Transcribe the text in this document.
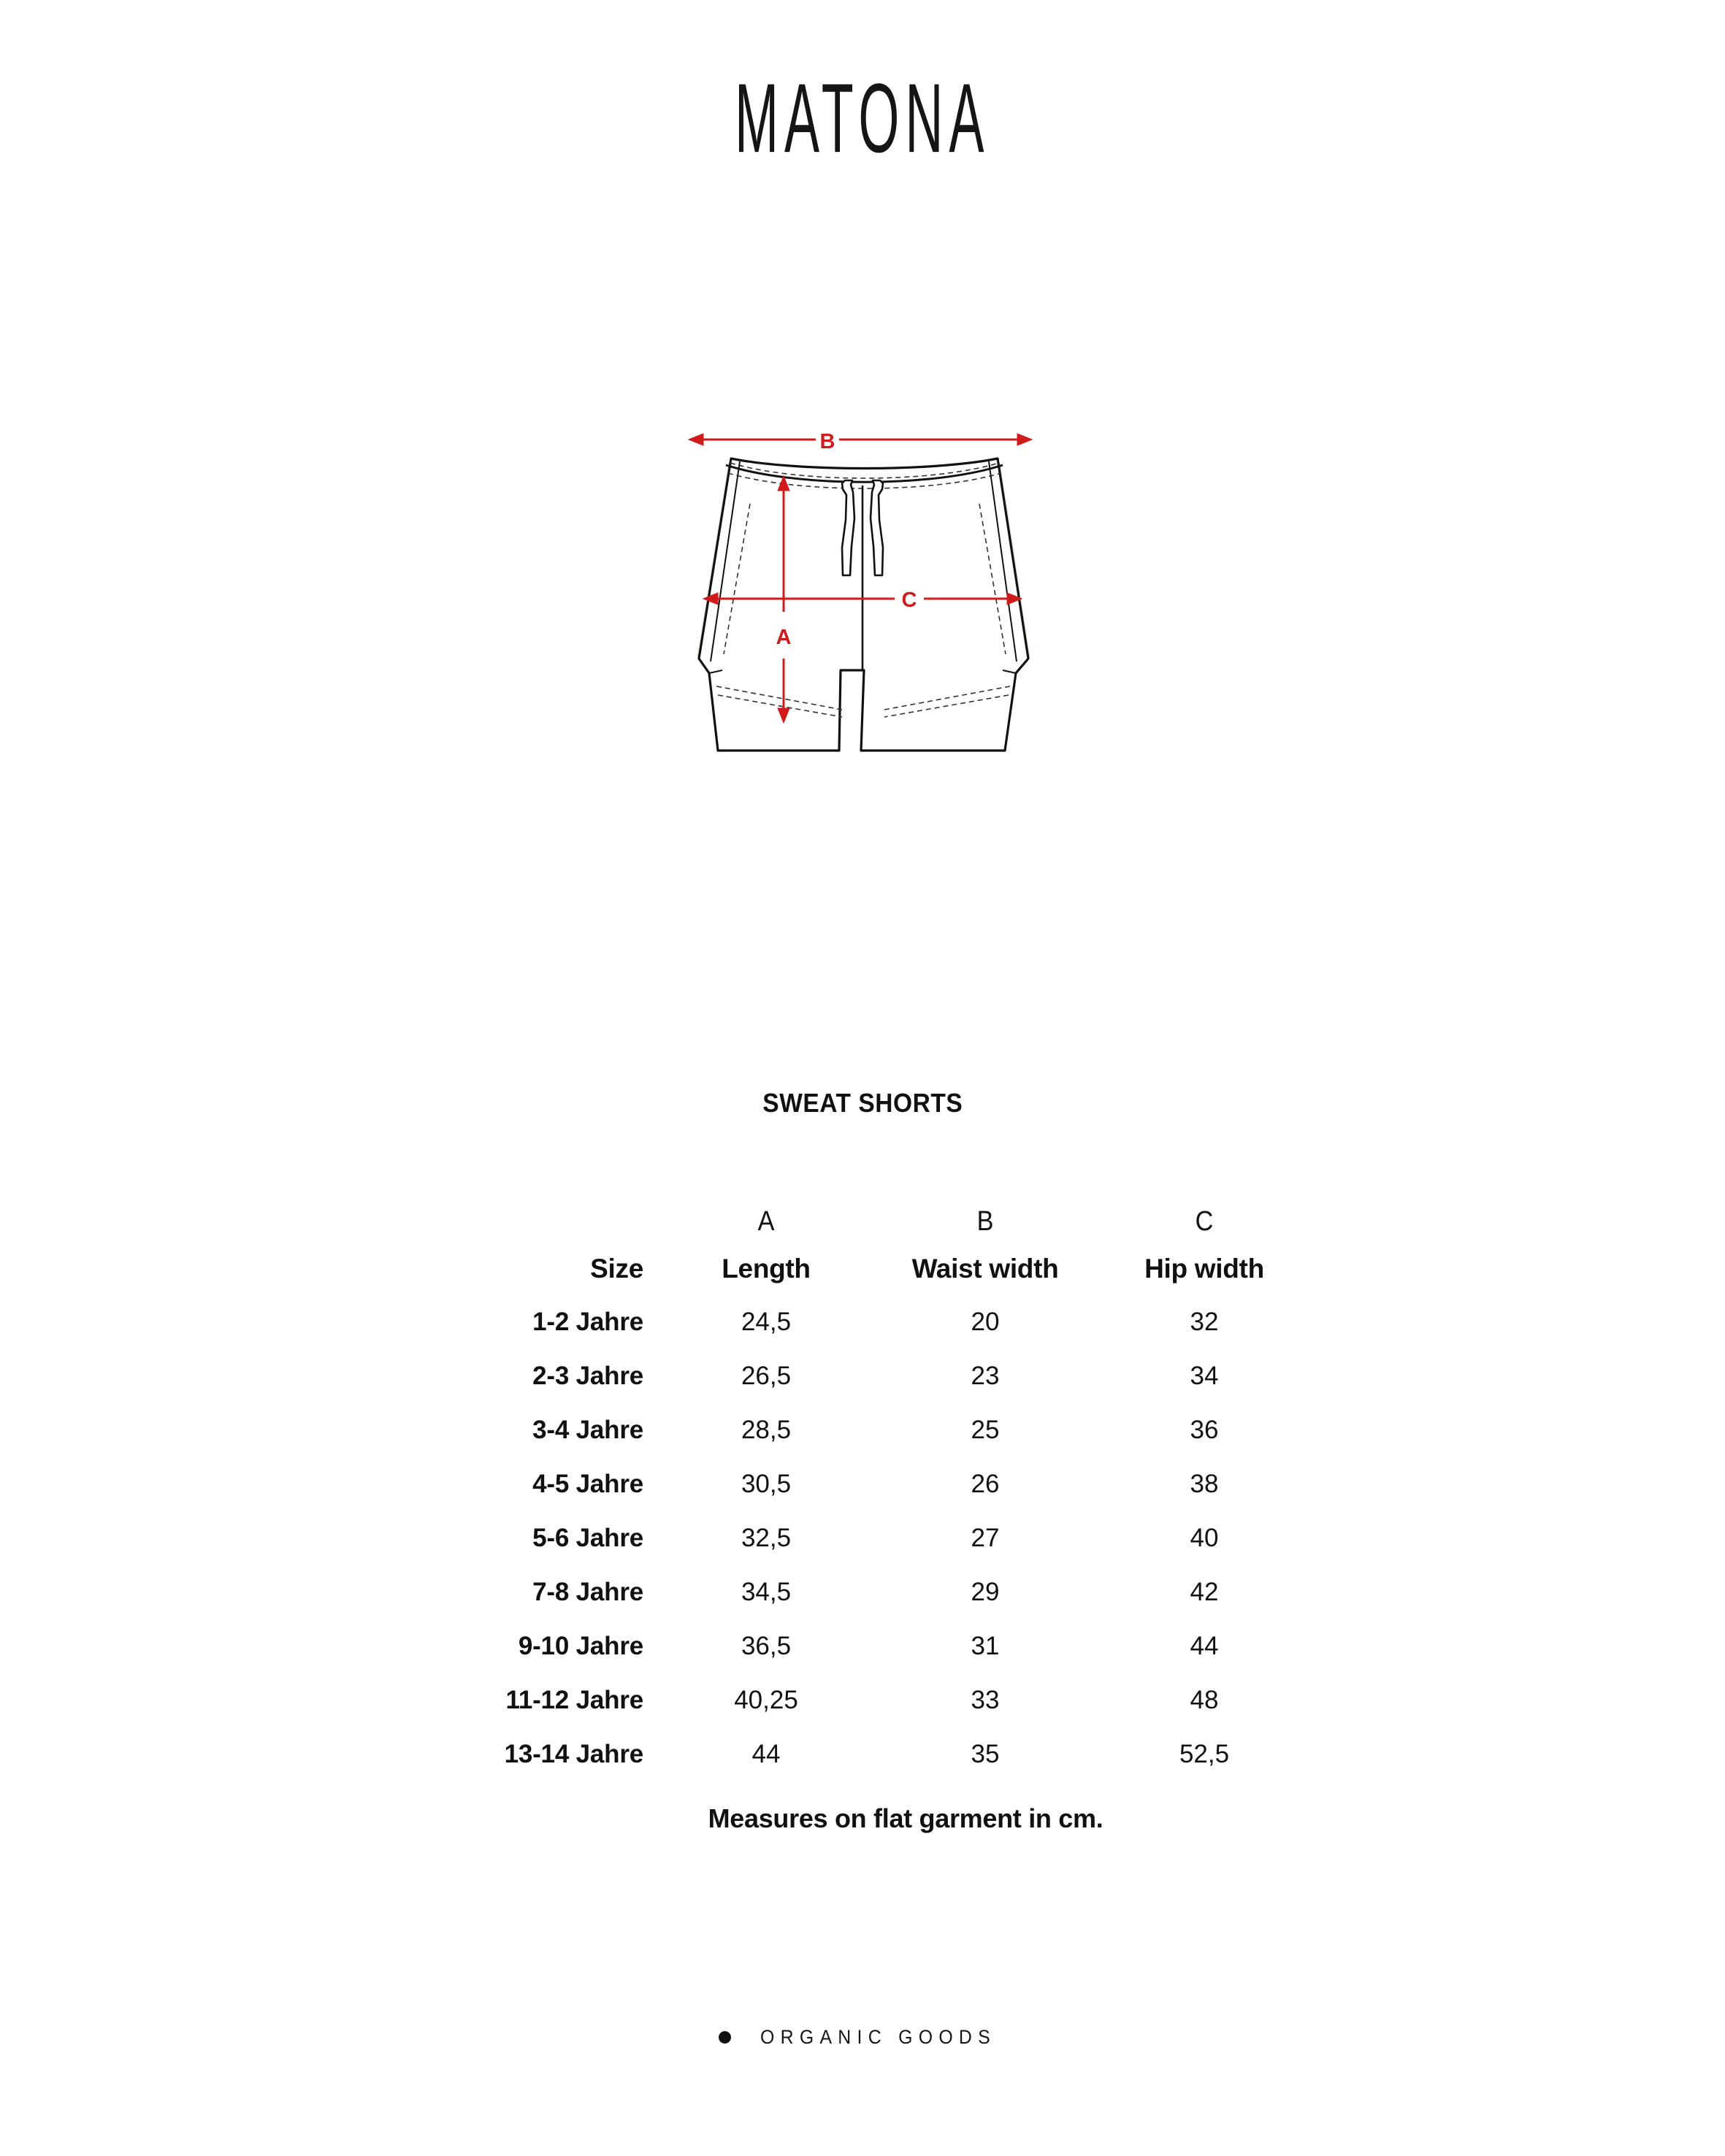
MATONA
B
A
C
SWEAT SHORTS
	A	B	C
Size	Length	Waist width	Hip width
1-2 Jahre	24,5	20	32
2-3 Jahre	26,5	23	34
3-4 Jahre	28,5	25	36
4-5 Jahre	30,5	26	38
5-6 Jahre	32,5	27	40
7-8 Jahre	34,5	29	42
9-10 Jahre	36,5	31	44
11-12 Jahre	40,25	33	48
13-14 Jahre	44	35	52,5
Measures on flat garment in cm.
ORGANIC GOODS
